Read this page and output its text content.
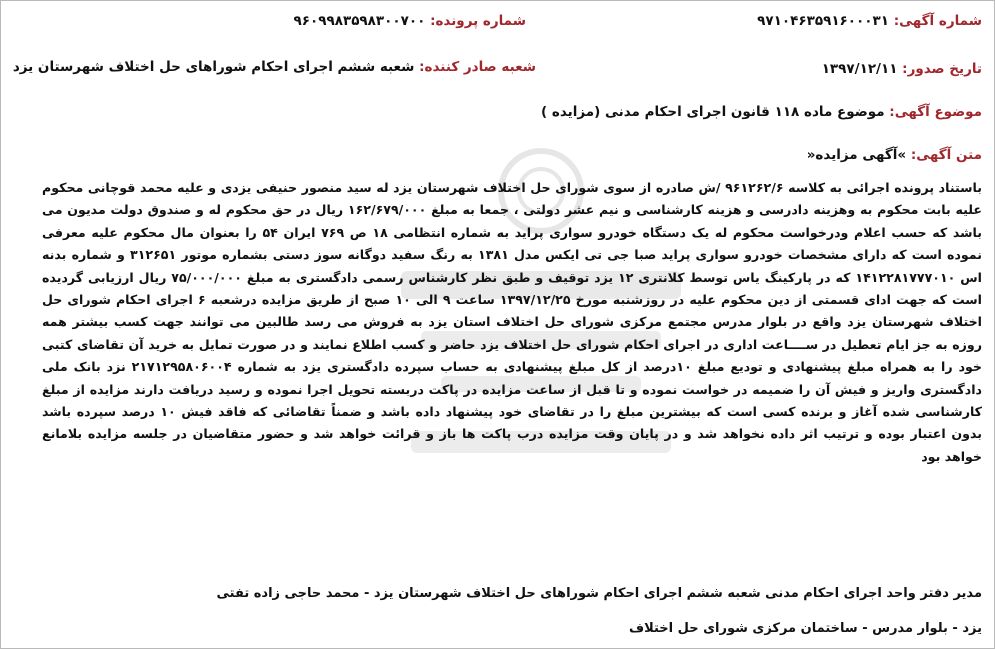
شماره آگهی: ۹۷۱۰۴۶۳۵۹۱۶۰۰۰۳۱
شماره پرونده: ۹۶۰۹۹۸۳۵۹۸۳۰۰۷۰۰
تاریخ صدور: ۱۳۹۷/۱۲/۱۱
شعبه صادر کننده: شعبه ششم اجرای احکام شوراهای حل اختلاف شهرستان یزد
موضوع آگهی: موضوع ماده ۱۱۸ قانون اجرای احکام مدنی (مزایده )
متن آگهی: »آگهی مزایده«

باستناد پرونده اجرائی به کلاسه ۹۶۱۲۶۲/۶ /ش صادره از سوی شورای حل اختلاف شهرستان یزد له سید منصور حنیفی یزدی و علیه محمد قوچانی محکوم علیه بابت محکوم به وهزینه دادرسی و هزینه کارشناسی و نیم عشر دولتی ، جمعا به مبلغ ۱۶۲/۶۷۹/۰۰۰ ریال در حق محکوم له و صندوق دولت مدیون می باشد که حسب اعلام ودرخواست محکوم له یک دستگاه خودرو سواری پراید به شماره انتظامی ۱۸ ص ۷۶۹ ایران ۵۴ را بعنوان مال محکوم علیه معرفی نموده است که دارای مشخصات خودرو سواری پراید صبا جی تی ایکس مدل ۱۳۸۱ به رنگ سفید دوگانه سوز دستی بشماره موتور ۳۱۲۶۵۱ و شماره بدنه اس ۱۴۱۲۲۸۱۷۷۷۰۱۰ که در پارکینگ یاس توسط کلانتری ۱۲ یزد توقیف و طبق نظر کارشناس رسمی دادگستری به مبلغ ۷۵/۰۰۰/۰۰۰ ریال ارزیابی گردیده است که جهت ادای قسمتی از دین محکوم علیه در روزشنبه مورخ ۱۳۹۷/۱۲/۲۵ ساعت ۹ الی ۱۰ صبح از طریق مزایده درشعبه ۶ اجرای احکام شورای حل اختلاف شهرستان یزد واقع در بلوار مدرس مجتمع مرکزی شورای حل اختلاف استان یزد به فروش می رسد طالبین می توانند جهت کسب بیشتر همه روزه به جز ایام تعطیل در ســــاعت اداری در اجرای احکام شورای حل اختلاف یزد حاضر و کسب اطلاع نمایند و در صورت تمایل به خرید آن تقاضای کتبی خود را به همراه مبلغ پیشنهادی و تودیع مبلغ ۱۰درصد از کل مبلغ پیشنهادی به حساب سپرده دادگستری یزد به شماره ۲۱۷۱۲۹۵۸۰۶۰۰۴ نزد بانک ملی دادگستری واریز و فیش آن را ضمیمه در خواست نموده و تا قبل از ساعت مزایده در پاکت دربسته تحویل اجرا نموده و رسید دریافت دارند مزایده از مبلغ کارشناسی شده آغاز و برنده کسی است که بیشترین مبلغ را در تقاضای خود پیشنهاد داده باشد و ضمناً تقاضائی که فاقد فیش ۱۰ درصد سپرده باشد بدون اعتبار بوده و ترتیب اثر داده نخواهد شد و در پایان وقت مزایده درب پاکت ها باز و قرائت خواهد شد و حضور متقاضیان در جلسه مزایده بلامانع خواهد بود

مدیر دفتر واحد اجرای احکام مدنی شعبه ششم اجرای احکام شوراهای حل اختلاف شهرستان یزد - محمد حاجی زاده تفتی
یزد - بلوار مدرس - ساختمان مرکزی شورای حل اختلاف
